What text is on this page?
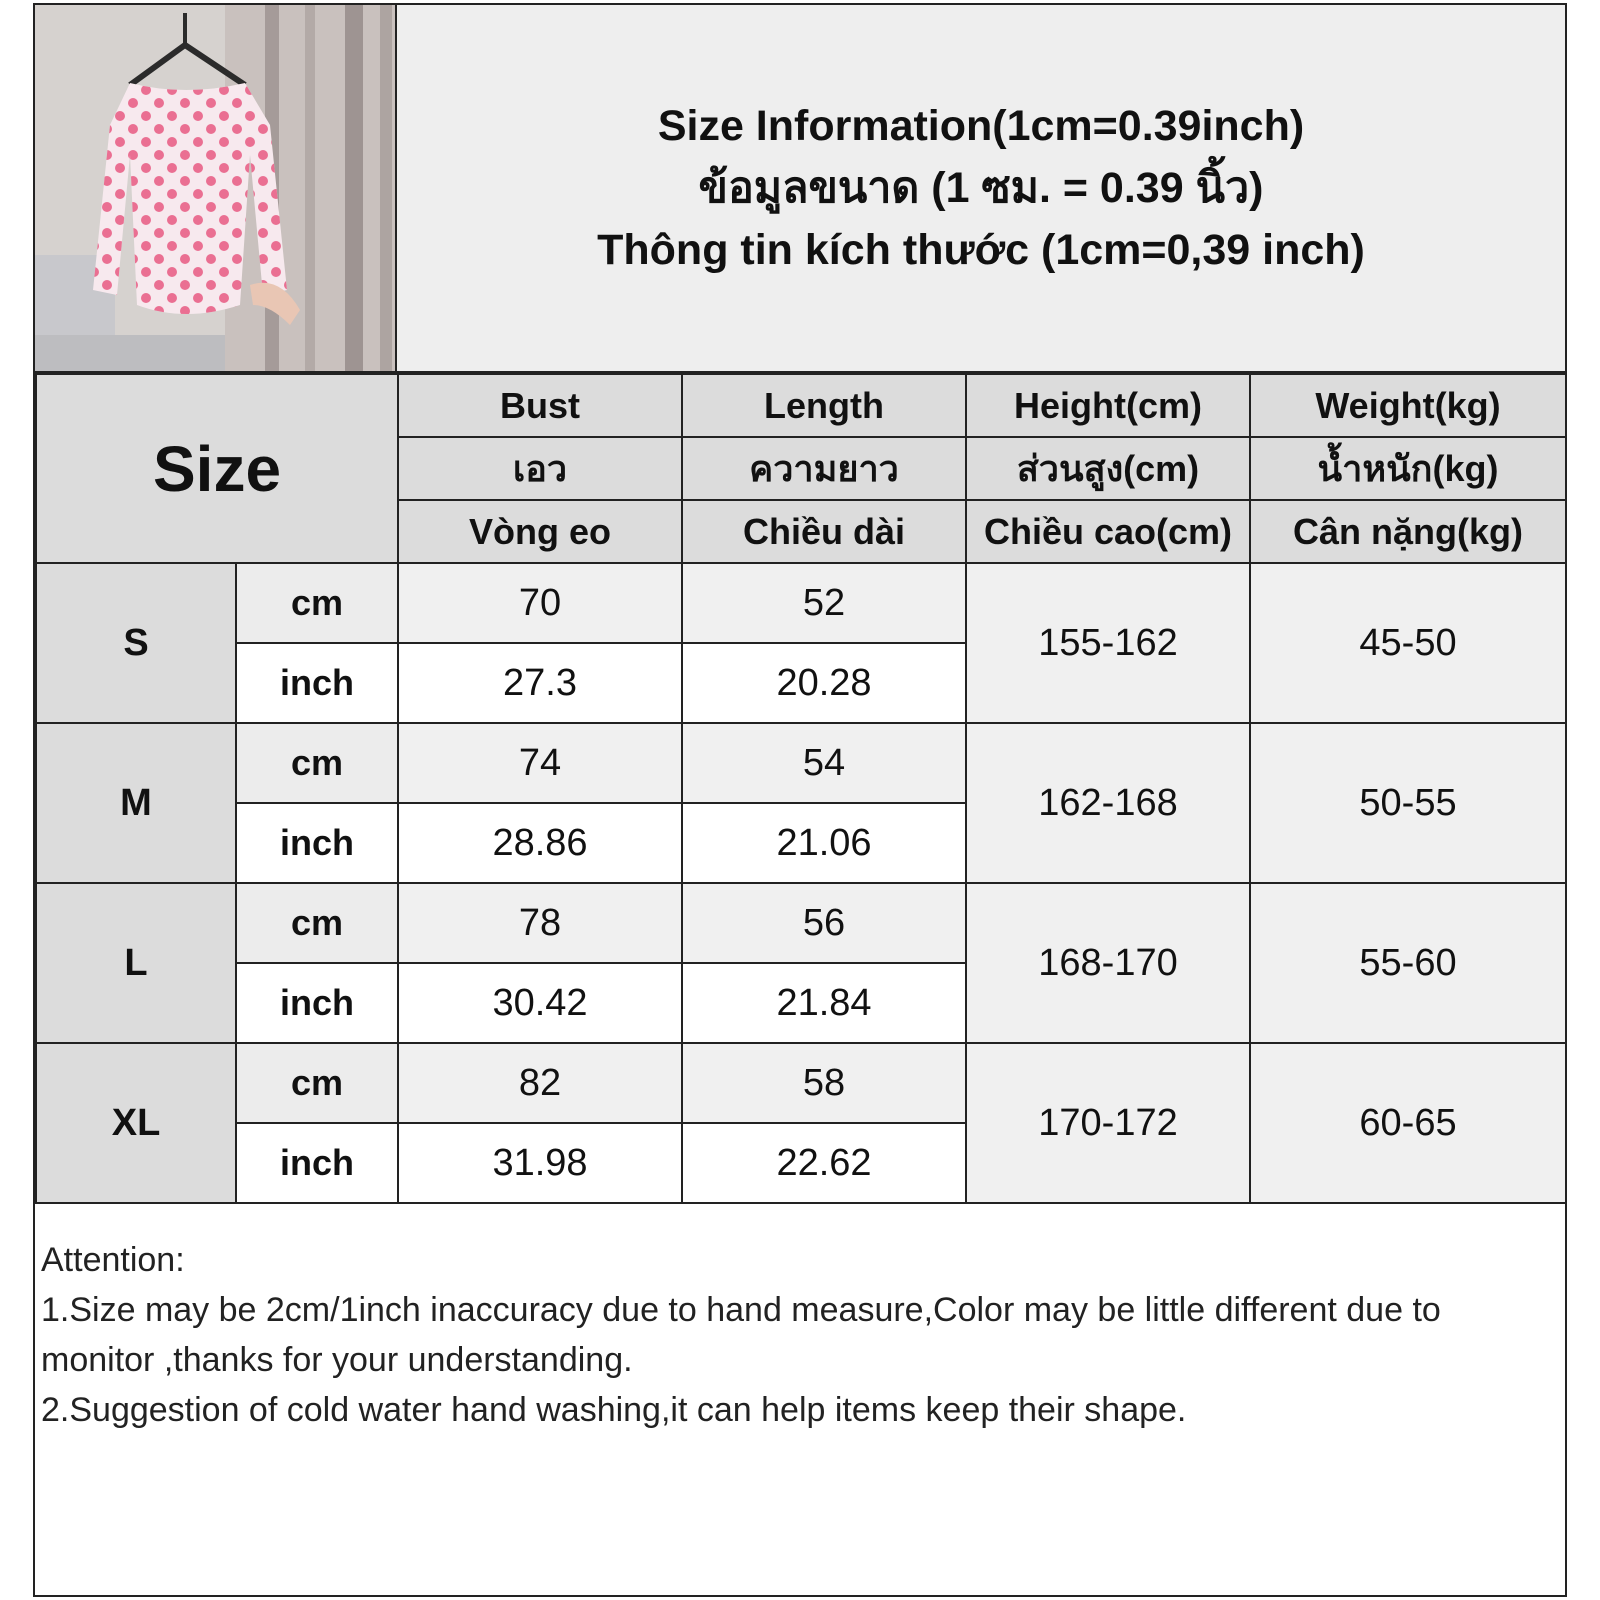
Size Information(1cm=0.39inch)
ข้อมูลขนาด (1 ซม. = 0.39 นิ้ว)
Thông tin kích thước (1cm=0,39 inch)
Size		Bust	Length	Height(cm)	Weight(kg)
		เอว	ความยาว	ส่วนสูง(cm)	น้ำหนัก(kg)
		Vòng eo	Chiều dài	Chiều cao(cm)	Cân nặng(kg)
S	cm	70	52	155-162	45-50
	inch	27.3	20.28		
M	cm	74	54	162-168	50-55
	inch	28.86	21.06		
L	cm	78	56	168-170	55-60
	inch	30.42	21.84		
XL	cm	82	58	170-172	60-65
	inch	31.98	22.62		
Attention:
1.Size may be 2cm/1inch inaccuracy due to hand measure,Color may be little different due to monitor ,thanks for your understanding.
2.Suggestion of cold water hand washing,it can help items keep their shape.
